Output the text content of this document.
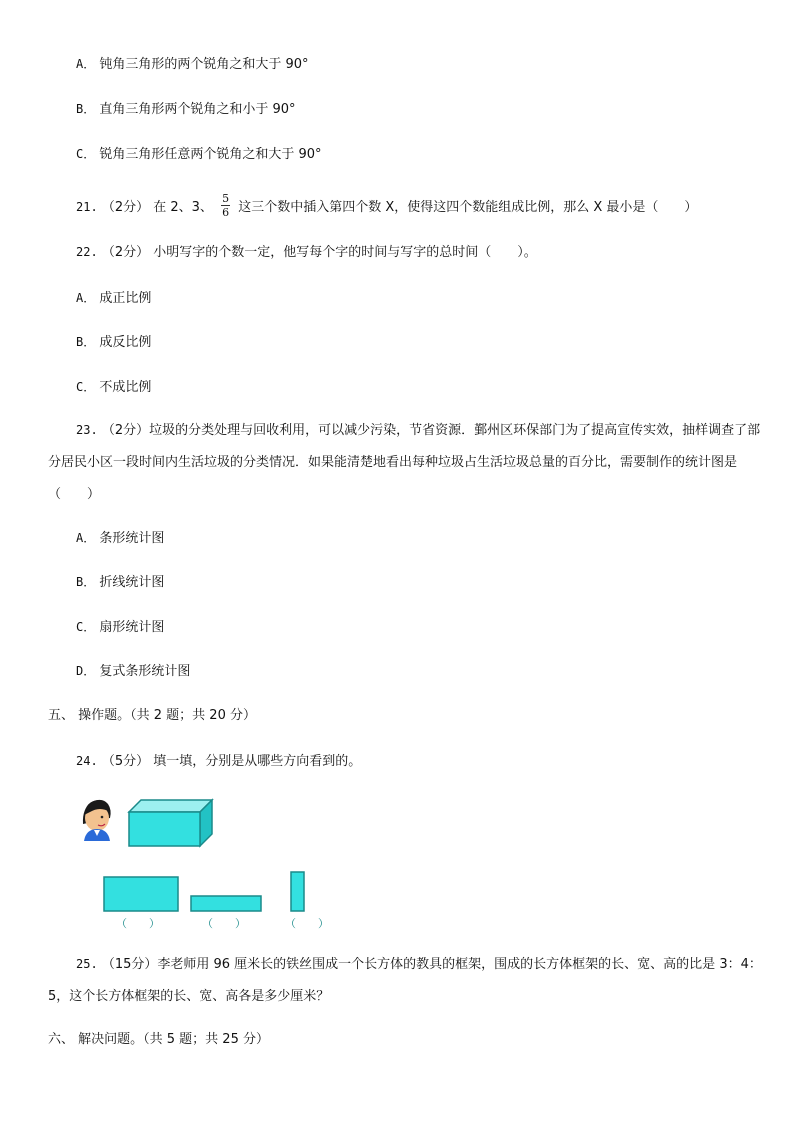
A． 钝角三角形的两个锐角之和大于 90°
B． 直角三角形两个锐角之和小于 90°
C． 锐角三角形任意两个锐角之和大于 90°
21. （2分） 在 2、3、 $\frac{5}{6}$ 这三个数中插入第四个数 X，使得这四个数能组成比例，那么 X 最小是（　　）
22. （2分） 小明写字的个数一定，他写每个字的时间与写字的总时间（　　）。
A． 成正比例
B． 成反比例
C． 不成比例
23. （2分）垃圾的分类处理与回收利用，可以减少污染，节省资源．鄞州区环保部门为了提高宣传实效，抽样调查了部分居民小区一段时间内生活垃圾的分类情况．如果能清楚地看出每种垃圾占生活垃圾总量的百分比，需要制作的统计图是（　　）
A． 条形统计图
B． 折线统计图
C． 扇形统计图
D． 复式条形统计图
五、 操作题。（共 2 题；共 20 分）
24. （5分） 填一填，分别是从哪些方向看到的。
（　　）	（　　）	（　　）
25. （15分）李老师用 96 厘米长的铁丝围成一个长方体的教具的框架，围成的长方体框架的长、宽、高的比是 3：4：5，这个长方体框架的长、宽、高各是多少厘米？
六、 解决问题。（共 5 题；共 25 分）
